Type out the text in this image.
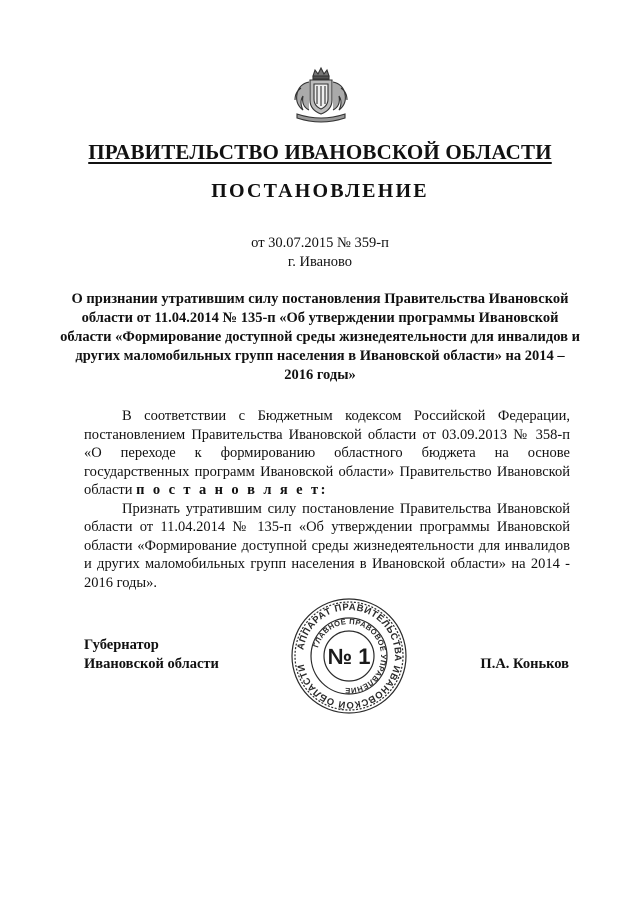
ПРАВИТЕЛЬСТВО ИВАНОВСКОЙ ОБЛАСТИ
ПОСТАНОВЛЕНИЕ
от 30.07.2015 № 359-п
г. Иваново
О признании утратившим силу постановления Правительства Ивановской области от 11.04.2014 № 135-п «Об утверждении программы Ивановской области «Формирование доступной среды жизнедеятельности для инвалидов и других маломобильных групп населения в Ивановской области» на 2014 – 2016 годы»

В соответствии с Бюджетным кодексом Российской Федерации, постановлением Правительства Ивановской области от 03.09.2013 № 358-п «О переходе к формированию областного бюджета на основе государственных программ Ивановской области» Правительство Ивановской области п о с т а н о в л я е т:

Признать утратившим силу постановление Правительства Ивановской области от 11.04.2014 № 135-п «Об утверждении программы Ивановской области «Формирование доступной среды жизнедеятельности для инвалидов и других маломобильных групп населения в Ивановской области» на 2014 - 2016 годы».

Губернатор
Ивановской области	П.А. Коньков
АППАРАТ ПРАВИТЕЛЬСТВА ИВАНОВСКОЙ ОБЛАСТИ
ГЛАВНОЕ ПРАВОВОЕ УПРАВЛЕНИЕ
№ 1
